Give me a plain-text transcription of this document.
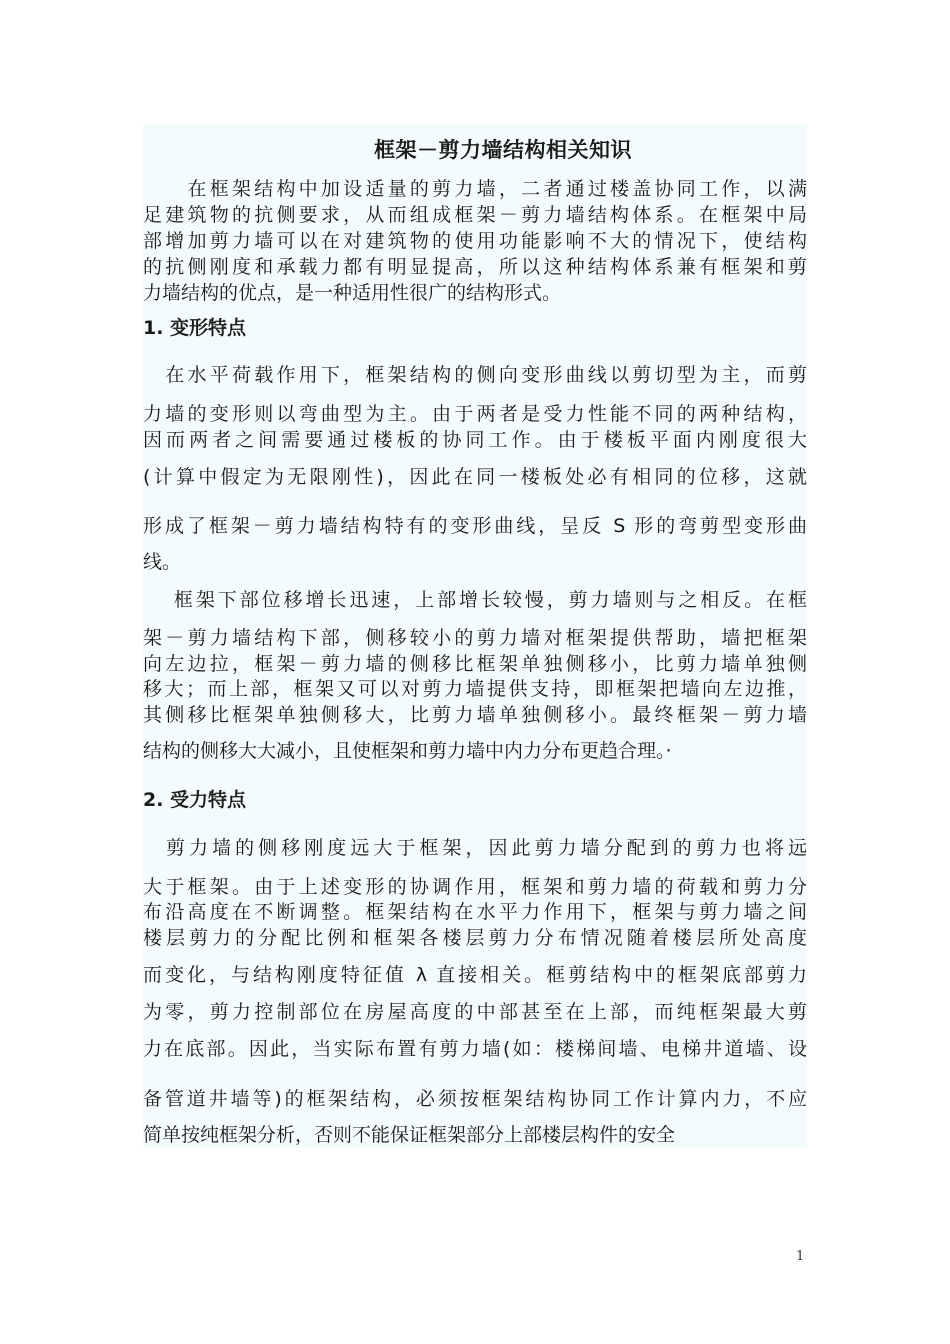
框架－剪力墙结构相关知识
　　在框架结构中加设适量的剪力墙，二者通过楼盖协同工作，以满
足建筑物的抗侧要求，从而组成框架－剪力墙结构体系。在框架中局
部增加剪力墙可以在对建筑物的使用功能影响不大的情况下，使结构
的抗侧刚度和承载力都有明显提高，所以这种结构体系兼有框架和剪
力墙结构的优点，是一种适用性很广的结构形式。
1. 变形特点
　在水平荷载作用下，框架结构的侧向变形曲线以剪切型为主，而剪
力墙的变形则以弯曲型为主。由于两者是受力性能不同的两种结构，
因而两者之间需要通过楼板的协同工作。由于楼板平面内刚度很大
(计算中假定为无限刚性)，因此在同一楼板处必有相同的位移，这就
形成了框架－剪力墙结构特有的变形曲线，呈反 S 形的弯剪型变形曲
线。
　 框架下部位移增长迅速，上部增长较慢，剪力墙则与之相反。在框
架－剪力墙结构下部，侧移较小的剪力墙对框架提供帮助，墙把框架
向左边拉，框架－剪力墙的侧移比框架单独侧移小，比剪力墙单独侧
移大；而上部，框架又可以对剪力墙提供支持，即框架把墙向左边推，
其侧移比框架单独侧移大，比剪力墙单独侧移小。最终框架－剪力墙
结构的侧移大大减小，且使框架和剪力墙中内力分布更趋合理。·
2. 受力特点
　剪力墙的侧移刚度远大于框架，因此剪力墙分配到的剪力也将远
大于框架。由于上述变形的协调作用，框架和剪力墙的荷载和剪力分
布沿高度在不断调整。框架结构在水平力作用下，框架与剪力墙之间
楼层剪力的分配比例和框架各楼层剪力分布情况随着楼层所处高度
而变化，与结构刚度特征值 λ 直接相关。框剪结构中的框架底部剪力
为零，剪力控制部位在房屋高度的中部甚至在上部，而纯框架最大剪
力在底部。因此，当实际布置有剪力墙(如：楼梯间墙、电梯井道墙、设
备管道井墙等)的框架结构，必须按框架结构协同工作计算内力，不应
简单按纯框架分析，否则不能保证框架部分上部楼层构件的安全
1
